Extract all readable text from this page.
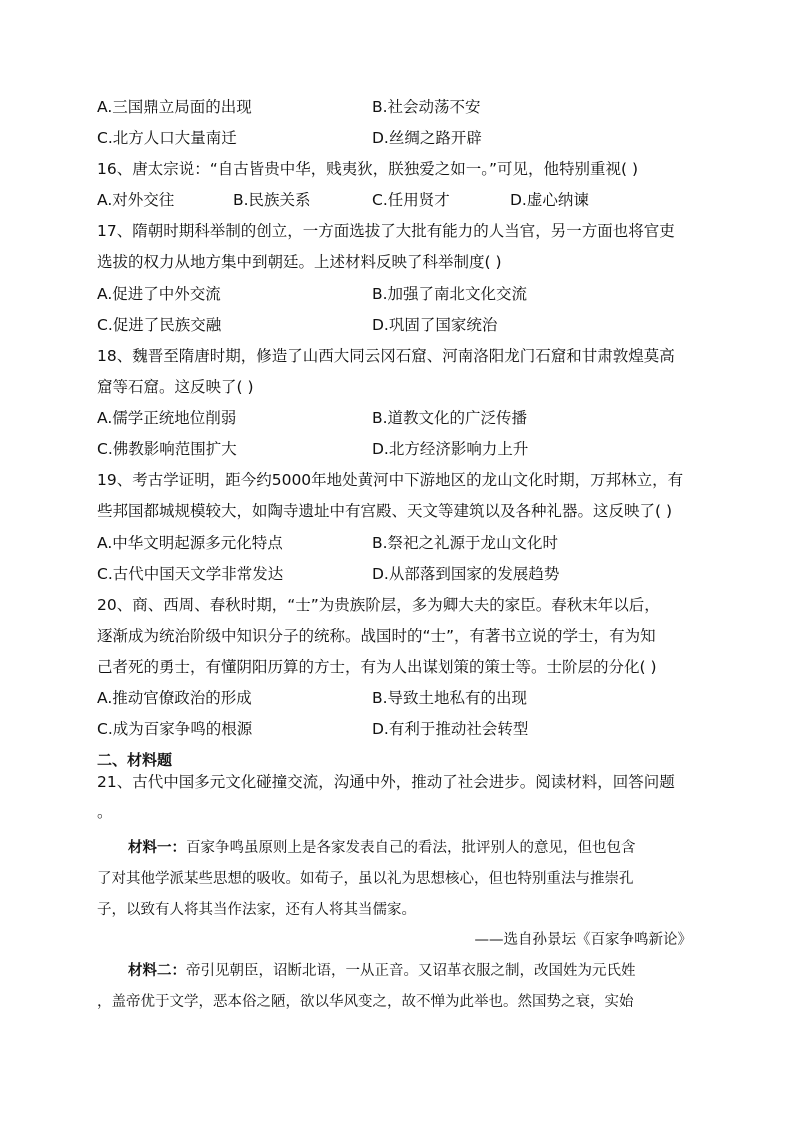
A.三国鼎立局面的出现	B.社会动荡不安
C.北方人口大量南迁	D.丝绸之路开辟
16、唐太宗说：“自古皆贵中华，贱夷狄，朕独爱之如一。”可见，他特别重视( )
A.对外交往	B.民族关系	C.任用贤才	D.虚心纳谏
17、隋朝时期科举制的创立，一方面选拔了大批有能力的人当官，另一方面也将官吏
选拔的权力从地方集中到朝廷。上述材料反映了科举制度( )
A.促进了中外交流	B.加强了南北文化交流
C.促进了民族交融	D.巩固了国家统治
18、魏晋至隋唐时期，修造了山西大同云冈石窟、河南洛阳龙门石窟和甘肃敦煌莫高
窟等石窟。这反映了( )
A.儒学正统地位削弱	B.道教文化的广泛传播
C.佛教影响范围扩大	D.北方经济影响力上升
19、考古学证明，距今约5000年地处黄河中下游地区的龙山文化时期，万邦林立，有
些邦国都城规模较大，如陶寺遗址中有宫殿、天文等建筑以及各种礼器。这反映了( )
A.中华文明起源多元化特点	B.祭祀之礼源于龙山文化时
C.古代中国天文学非常发达	D.从部落到国家的发展趋势
20、商、西周、春秋时期，“士”为贵族阶层，多为卿大夫的家臣。春秋末年以后，
逐渐成为统治阶级中知识分子的统称。战国时的“士”，有著书立说的学士，有为知
己者死的勇士，有懂阴阳历算的方士，有为人出谋划策的策士等。士阶层的分化( )
A.推动官僚政治的形成	B.导致土地私有的出现
C.成为百家争鸣的根源	D.有利于推动社会转型
二、材料题
21、古代中国多元文化碰撞交流，沟通中外，推动了社会进步。阅读材料，回答问题
。
材料一：百家争鸣虽原则上是各家发表自己的看法，批评别人的意见，但也包含
了对其他学派某些思想的吸收。如荀子，虽以礼为思想核心，但也特别重法与推崇孔
子，以致有人将其当作法家，还有人将其当儒家。
——选自孙景坛《百家争鸣新论》
材料二：帝引见朝臣，诏断北语，一从正音。又诏革衣服之制，改国姓为元氏姓
，盖帝优于文学，恶本俗之陋，欲以华风变之，故不惮为此举也。然国势之衰，实始
